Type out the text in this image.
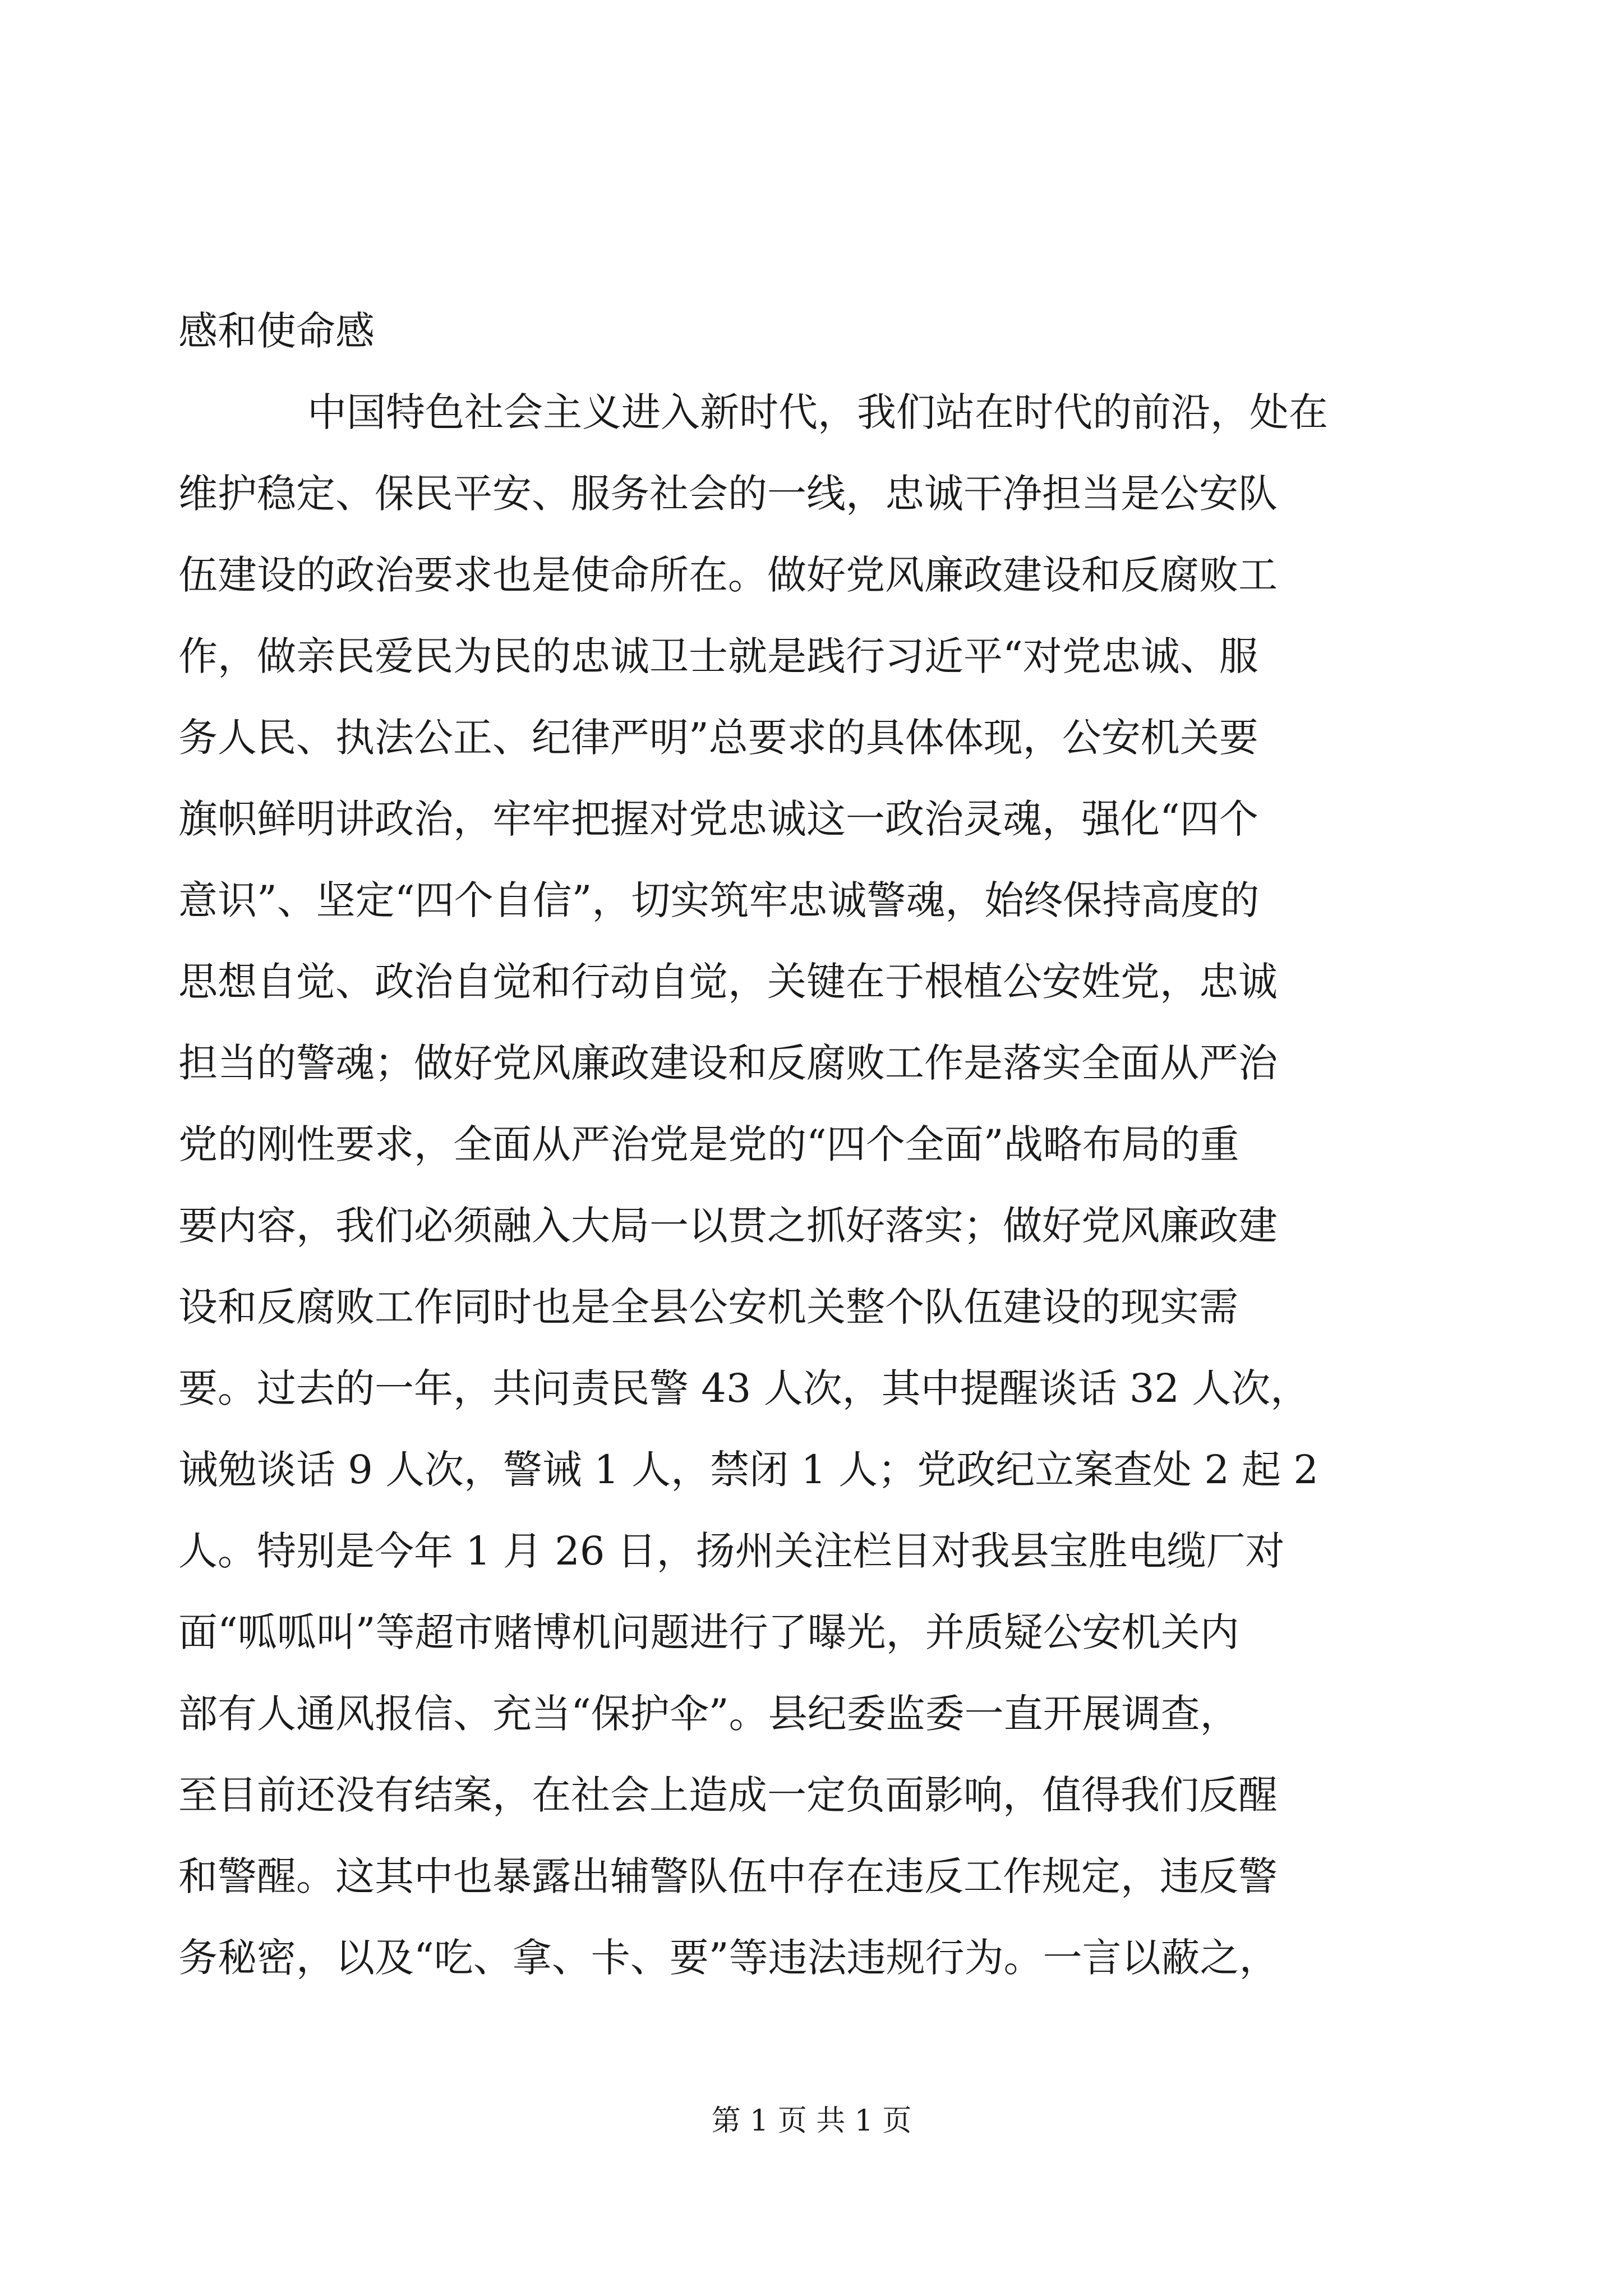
感和使命感
中国特色社会主义进入新时代，我们站在时代的前沿，处在
维护稳定、保民平安、服务社会的一线，忠诚干净担当是公安队
伍建设的政治要求也是使命所在。做好党风廉政建设和反腐败工
作，做亲民爱民为民的忠诚卫士就是践行习近平“对党忠诚、服
务人民、执法公正、纪律严明”总要求的具体体现，公安机关要
旗帜鲜明讲政治，牢牢把握对党忠诚这一政治灵魂，强化“四个
意识”、坚定“四个自信”，切实筑牢忠诚警魂，始终保持高度的
思想自觉、政治自觉和行动自觉，关键在于根植公安姓党，忠诚
担当的警魂；做好党风廉政建设和反腐败工作是落实全面从严治
党的刚性要求，全面从严治党是党的“四个全面”战略布局的重
要内容，我们必须融入大局一以贯之抓好落实；做好党风廉政建
设和反腐败工作同时也是全县公安机关整个队伍建设的现实需
要。过去的一年，共问责民警 43 人次，其中提醒谈话 32 人次，
诫勉谈话 9 人次，警诫 1 人，禁闭 1 人；党政纪立案查处 2 起 2
人。特别是今年 1 月 26 日，扬州关注栏目对我县宝胜电缆厂对
面“呱呱叫”等超市赌博机问题进行了曝光，并质疑公安机关内
部有人通风报信、充当“保护伞”。县纪委监委一直开展调查，
至目前还没有结案，在社会上造成一定负面影响，值得我们反醒
和警醒。这其中也暴露出辅警队伍中存在违反工作规定，违反警
务秘密，以及“吃、拿、卡、要”等违法违规行为。一言以蔽之，
第 1 页 共 1 页
